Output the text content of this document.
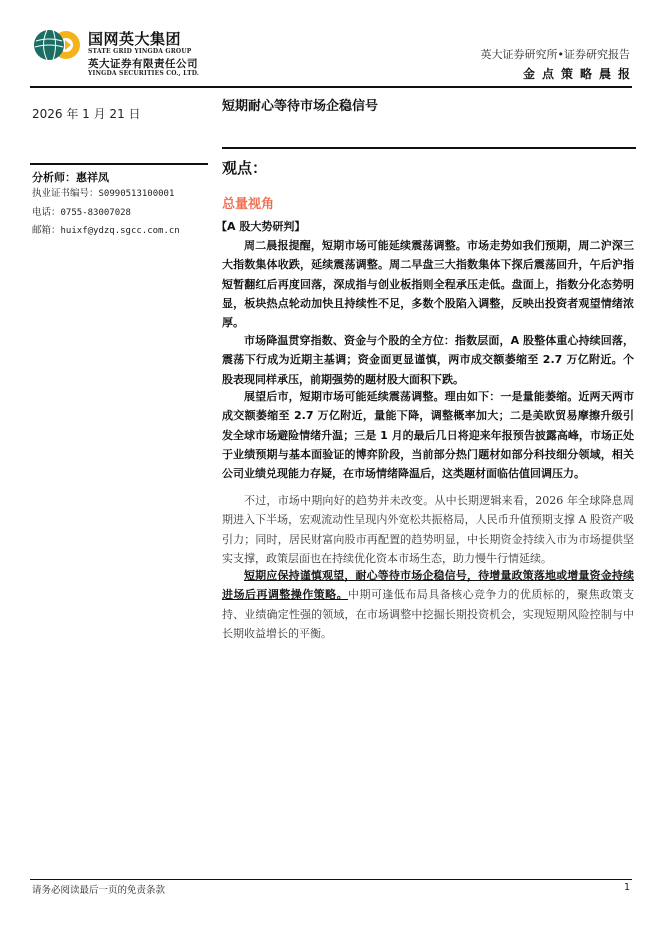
国网英大集团
STATE GRID YINGDA GROUP
英大证券有限责任公司
YINGDA SECURITIES CO., LTD.
英大证券研究所•证券研究报告
金点策略晨报
2026 年 1 月 21 日	短期耐心等待市场企稳信号
分析师：惠祥凤
执业证书编号：S0990513100001
电话：0755-83007028
邮箱：huixf@ydzq.sgcc.com.cn
观点：
总量视角
【A 股大势研判】

周二晨报提醒，短期市场可能延续震荡调整。市场走势如我们预期，周二沪深三大指数集体收跌，延续震荡调整。周二早盘三大指数集体下探后震荡回升，午后沪指短暂翻红后再度回落，深成指与创业板指则全程承压走低。盘面上，指数分化态势明显，板块热点轮动加快且持续性不足，多数个股陷入调整，反映出投资者观望情绪浓厚。

市场降温贯穿指数、资金与个股的全方位：指数层面，A 股整体重心持续回落，震荡下行成为近期主基调；资金面更显谨慎，两市成交额萎缩至 2.7 万亿附近。个股表现同样承压，前期强势的题材股大面积下跌。

展望后市，短期市场可能延续震荡调整。理由如下：一是量能萎缩。近两天两市成交额萎缩至 2.7 万亿附近，量能下降，调整概率加大；二是美欧贸易摩擦升级引发全球市场避险情绪升温；三是 1 月的最后几日将迎来年报预告披露高峰，市场正处于业绩预期与基本面验证的博弈阶段，当前部分热门题材如部分科技细分领域，相关公司业绩兑现能力存疑，在市场情绪降温后，这类题材面临估值回调压力。

不过，市场中期向好的趋势并未改变。从中长期逻辑来看，2026 年全球降息周期进入下半场，宏观流动性呈现内外宽松共振格局，人民币升值预期支撑 A 股资产吸引力；同时，居民财富向股市再配置的趋势明显，中长期资金持续入市为市场提供坚实支撑，政策层面也在持续优化资本市场生态，助力慢牛行情延续。

短期应保持谨慎观望，耐心等待市场企稳信号，待增量政策落地或增量资金持续进场后再调整操作策略。中期可逢低布局具备核心竞争力的优质标的，聚焦政策支持、业绩确定性强的领域，在市场调整中挖掘长期投资机会，实现短期风险控制与中长期收益增长的平衡。

请务必阅读最后一页的免责条款	1
